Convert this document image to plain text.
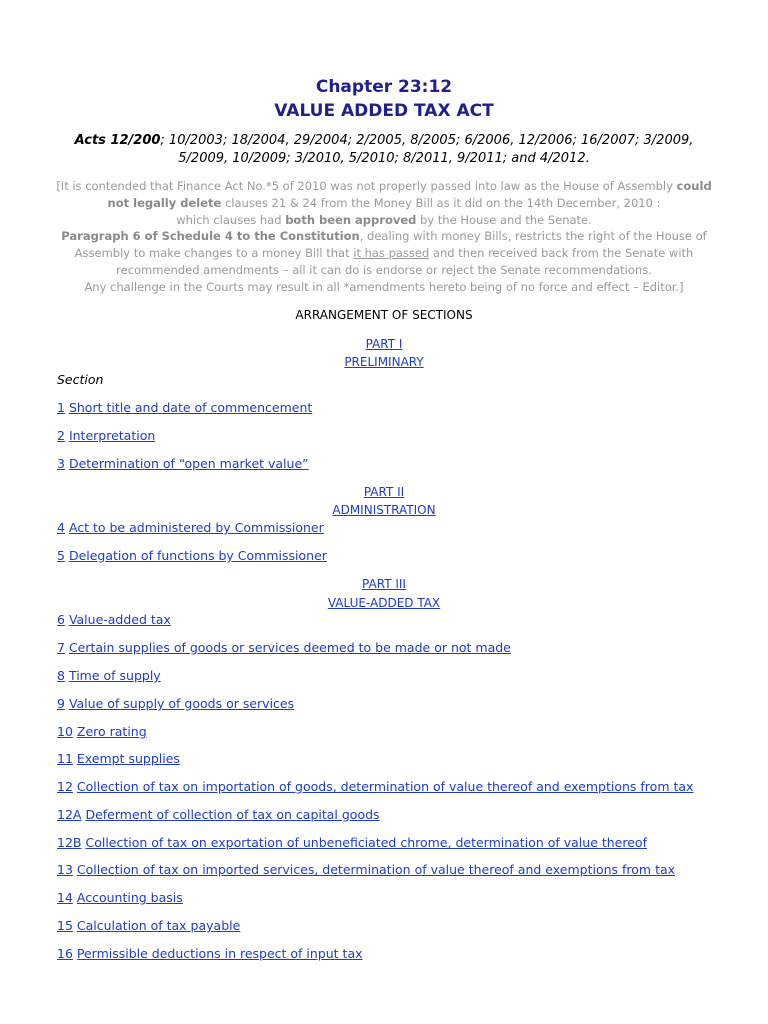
Chapter 23:12
VALUE ADDED TAX ACT
Acts 12/200; 10/2003; 18/2004, 29/2004; 2/2005, 8/2005; 6/2006, 12/2006; 16/2007; 3/2009, 5/2009, 10/2009; 3/2010, 5/2010; 8/2011, 9/2011; and 4/2012.
[It is contended that Finance Act No.*5 of 2010 was not properly passed into law as the House of Assembly could not legally delete clauses 21 & 24 from the Money Bill as it did on the 14th December, 2010 :
which clauses had both been approved by the House and the Senate.
Paragraph 6 of Schedule 4 to the Constitution, dealing with money Bills, restricts the right of the House of Assembly to make changes to a money Bill that it has passed and then received back from the Senate with recommended amendments – all it can do is endorse or reject the Senate recommendations.
Any challenge in the Courts may result in all *amendments hereto being of no force and effect – Editor.]
ARRANGEMENT OF SECTIONS
PART I
PRELIMINARY
Section
1 Short title and date of commencement
2 Interpretation
3 Determination of “open market value”
PART II
ADMINISTRATION
4 Act to be administered by Commissioner
5 Delegation of functions by Commissioner
PART III
VALUE-ADDED TAX
6 Value-added tax
7 Certain supplies of goods or services deemed to be made or not made
8 Time of supply
9 Value of supply of goods or services
10 Zero rating
11 Exempt supplies
12 Collection of tax on importation of goods, determination of value thereof and exemptions from tax
12A Deferment of collection of tax on capital goods
12B Collection of tax on exportation of unbeneficiated chrome, determination of value thereof
13 Collection of tax on imported services, determination of value thereof and exemptions from tax
14 Accounting basis
15 Calculation of tax payable
16 Permissible deductions in respect of input tax
